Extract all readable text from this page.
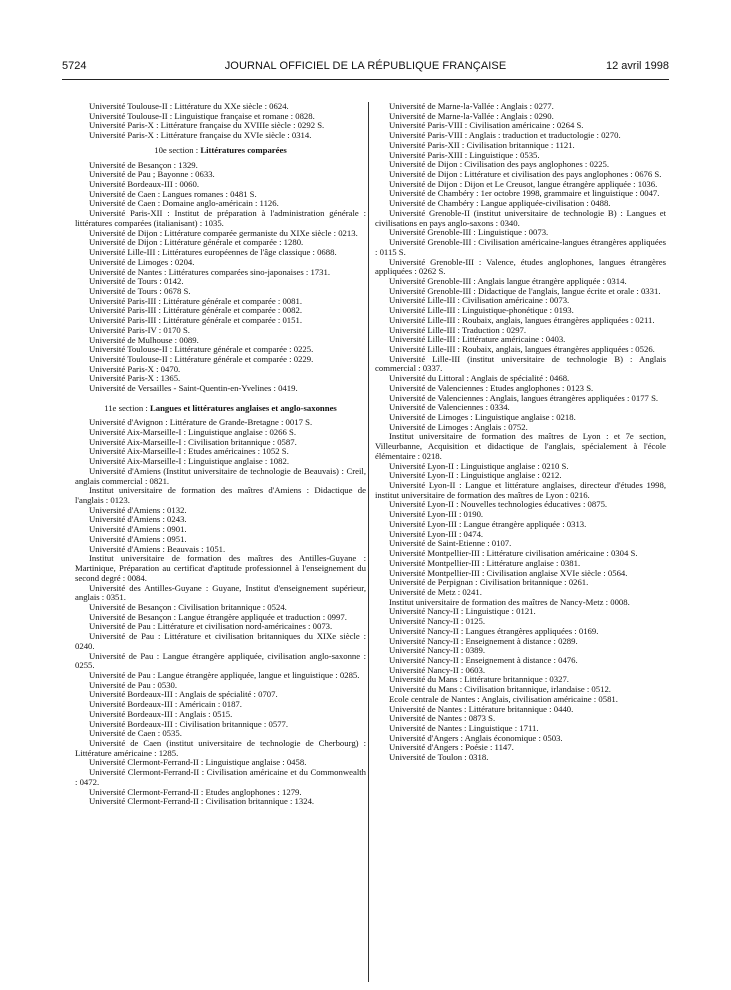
5724	JOURNAL OFFICIEL DE LA RÉPUBLIQUE FRANÇAISE	12 avril 1998

Université Toulouse-II : Littérature du XXe siècle : 0624.

Université Toulouse-II : Linguistique française et romane : 0828.

Université Paris-X : Littérature française du XVIIIe siècle : 0292 S.

Université Paris-X : Littérature française du XVIe siècle : 0314.

10e section : Littératures comparées

Université de Besançon : 1329.

Université de Pau ; Bayonne : 0633.

Université Bordeaux-III : 0060.

Université de Caen : Langues romanes : 0481 S.

Université de Caen : Domaine anglo-américain : 1126.

Université Paris-XII : Institut de préparation à l'administration générale : littératures comparées (italianisant) : 1035.

Université de Dijon : Littérature comparée germaniste du XIXe siècle : 0213.

Université de Dijon : Littérature générale et comparée : 1280.

Université Lille-III : Littératures européennes de l'âge classique : 0688.

Université de Limoges : 0204.

Université de Nantes : Littératures comparées sino-japonaises : 1731.

Université de Tours : 0142.

Université de Tours : 0678 S.

Université Paris-III : Littérature générale et comparée : 0081.

Université Paris-III : Littérature générale et comparée : 0082.

Université Paris-III : Littérature générale et comparée : 0151.

Université Paris-IV : 0170 S.

Université de Mulhouse : 0089.

Université Toulouse-II : Littérature générale et comparée : 0225.

Université Toulouse-II : Littérature générale et comparée : 0229.

Université Paris-X : 0470.

Université Paris-X : 1365.

Université de Versailles - Saint-Quentin-en-Yvelines : 0419.

11e section : Langues et littératures anglaises et anglo-saxonnes

Université d'Avignon : Littérature de Grande-Bretagne : 0017 S.

Université Aix-Marseille-I : Linguistique anglaise : 0266 S.

Université Aix-Marseille-I : Civilisation britannique : 0587.

Université Aix-Marseille-I : Etudes américaines : 1052 S.

Université Aix-Marseille-I : Linguistique anglaise : 1082.

Université d'Amiens (Institut universitaire de technologie de Beauvais) : Creil, anglais commercial : 0821.

Institut universitaire de formation des maîtres d'Amiens : Didactique de l'anglais : 0123.

Université d'Amiens : 0132.

Université d'Amiens : 0243.

Université d'Amiens : 0901.

Université d'Amiens : 0951.

Université d'Amiens : Beauvais : 1051.

Institut universitaire de formation des maîtres des Antilles-Guyane : Martinique, Préparation au certificat d'aptitude professionnel à l'enseignement du second degré : 0084.

Université des Antilles-Guyane : Guyane, Institut d'enseignement supérieur, anglais : 0351.

Université de Besançon : Civilisation britannique : 0524.

Université de Besançon : Langue étrangère appliquée et traduction : 0997.

Université de Pau : Littérature et civilisation nord-américaines : 0073.

Université de Pau : Littérature et civilisation britanniques du XIXe siècle : 0240.

Université de Pau : Langue étrangère appliquée, civilisation anglo-saxonne : 0255.

Université de Pau : Langue étrangère appliquée, langue et linguistique : 0285.

Université de Pau : 0530.

Université Bordeaux-III : Anglais de spécialité : 0707.

Université Bordeaux-III : Américain : 0187.

Université Bordeaux-III : Anglais : 0515.

Université Bordeaux-III : Civilisation britannique : 0577.

Université de Caen : 0535.

Université de Caen (institut universitaire de technologie de Cherbourg) : Littérature américaine : 1285.

Université Clermont-Ferrand-II : Linguistique anglaise : 0458.

Université Clermont-Ferrand-II : Civilisation américaine et du Commonwealth : 0472.

Université Clermont-Ferrand-II : Etudes anglophones : 1279.

Université Clermont-Ferrand-II : Civilisation britannique : 1324.

Université de Marne-la-Vallée : Anglais : 0277.

Université de Marne-la-Vallée : Anglais : 0290.

Université Paris-VIII : Civilisation américaine : 0264 S.

Université Paris-VIII : Anglais : traduction et traductologie : 0270.

Université Paris-XII : Civilisation britannique : 1121.

Université Paris-XIII : Linguistique : 0535.

Université de Dijon : Civilisation des pays anglophones : 0225.

Université de Dijon : Littérature et civilisation des pays anglophones : 0676 S.

Université de Dijon : Dijon et Le Creusot, langue étrangère appliquée : 1036.

Université de Chambéry : 1er octobre 1998, grammaire et linguistique : 0047.

Université de Chambéry : Langue appliquée-civilisation : 0488.

Université Grenoble-II (institut universitaire de technologie B) : Langues et civilisations en pays anglo-saxons : 0340.

Université Grenoble-III : Linguistique : 0073.

Université Grenoble-III : Civilisation américaine-langues étrangères appliquées : 0115 S.

Université Grenoble-III : Valence, études anglophones, langues étrangères appliquées : 0262 S.

Université Grenoble-III : Anglais langue étrangère appliquée : 0314.

Université Grenoble-III : Didactique de l'anglais, langue écrite et orale : 0331.

Université Lille-III : Civilisation américaine : 0073.

Université Lille-III : Linguistique-phonétique : 0193.

Université Lille-III : Roubaix, anglais, langues étrangères appliquées : 0211.

Université Lille-III : Traduction : 0297.

Université Lille-III : Littérature américaine : 0403.

Université Lille-III : Roubaix, anglais, langues étrangères appliquées : 0526.

Université Lille-III (institut universitaire de technologie B) : Anglais commercial : 0337.

Université du Littoral : Anglais de spécialité : 0468.

Université de Valenciennes : Etudes anglophones : 0123 S.

Université de Valenciennes : Anglais, langues étrangères appliquées : 0177 S.

Université de Valenciennes : 0334.

Université de Limoges : Linguistique anglaise : 0218.

Université de Limoges : Anglais : 0752.

Institut universitaire de formation des maîtres de Lyon : et 7e section, Villeurbanne, Acquisition et didactique de l'anglais, spécialement à l'école élémentaire : 0218.

Université Lyon-II : Linguistique anglaise : 0210 S.

Université Lyon-II : Linguistique anglaise : 0212.

Université Lyon-II : Langue et littérature anglaises, directeur d'études 1998, institut universitaire de formation des maîtres de Lyon : 0216.

Université Lyon-II : Nouvelles technologies éducatives : 0875.

Université Lyon-III : 0190.

Université Lyon-III : Langue étrangère appliquée : 0313.

Université Lyon-III : 0474.

Université de Saint-Etienne : 0107.

Université Montpellier-III : Littérature civilisation américaine : 0304 S.

Université Montpellier-III : Littérature anglaise : 0381.

Université Montpellier-III : Civilisation anglaise XVIe siècle : 0564.

Université de Perpignan : Civilisation britannique : 0261.

Université de Metz : 0241.

Institut universitaire de formation des maîtres de Nancy-Metz : 0008.

Université Nancy-II : Linguistique : 0121.

Université Nancy-II : 0125.

Université Nancy-II : Langues étrangères appliquées : 0169.

Université Nancy-II : Enseignement à distance : 0289.

Université Nancy-II : 0389.

Université Nancy-II : Enseignement à distance : 0476.

Université Nancy-II : 0603.

Université du Mans : Littérature britannique : 0327.

Université du Mans : Civilisation britannique, irlandaise : 0512.

Ecole centrale de Nantes : Anglais, civilisation américaine : 0581.

Université de Nantes : Littérature britannique : 0440.

Université de Nantes : 0873 S.

Université de Nantes : Linguistique : 1711.

Université d'Angers : Anglais économique : 0503.

Université d'Angers : Poésie : 1147.

Université de Toulon : 0318.
